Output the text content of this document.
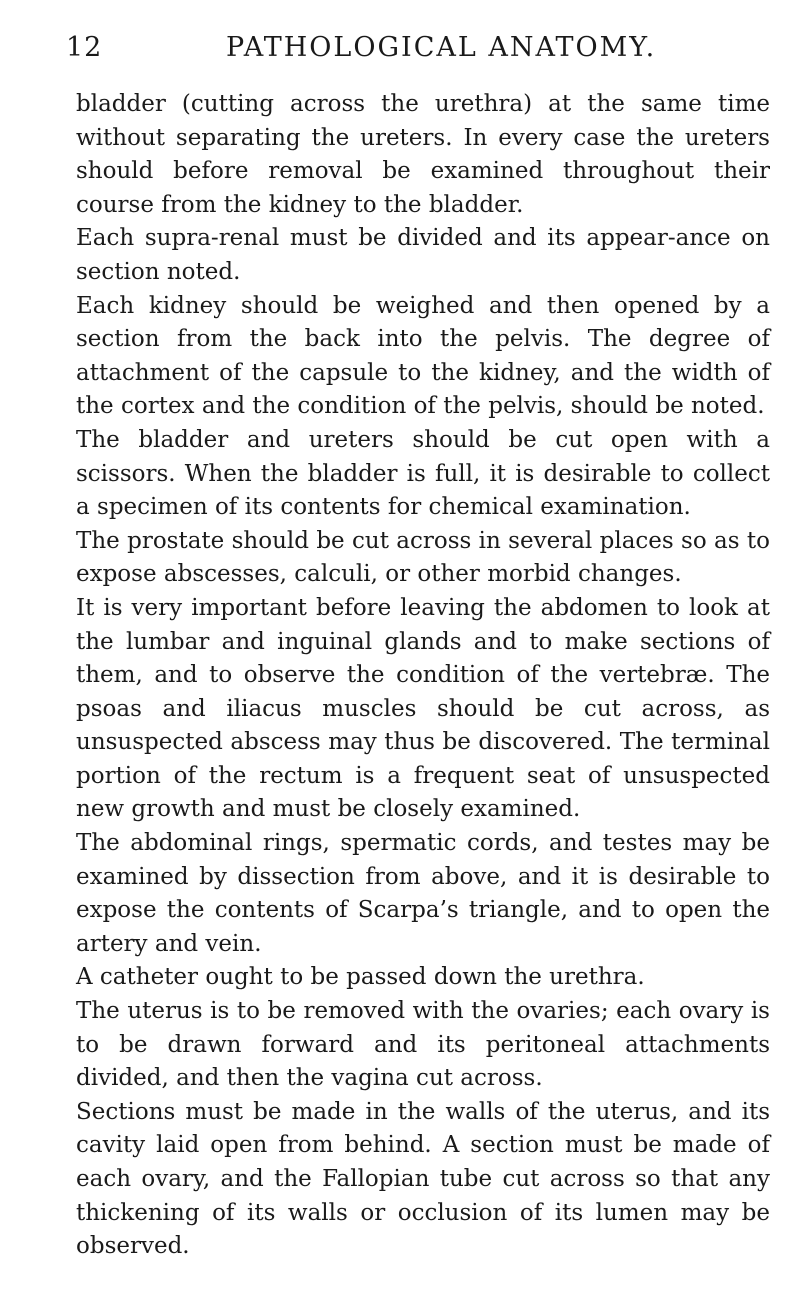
12	PATHOLOGICAL ANATOMY.

bladder (cutting across the urethra) at the same time without separating the ureters. In every case the ureters should before removal be examined throughout their course from the kidney to the bladder.

Each supra-renal must be divided and its appear-ance on section noted.

Each kidney should be weighed and then opened by a section from the back into the pelvis. The degree of attachment of the capsule to the kidney, and the width of the cortex and the condition of the pelvis, should be noted.

The bladder and ureters should be cut open with a scissors. When the bladder is full, it is desirable to collect a specimen of its contents for chemical examination.

The prostate should be cut across in several places so as to expose abscesses, calculi, or other morbid changes.

It is very important before leaving the abdomen to look at the lumbar and inguinal glands and to make sections of them, and to observe the condition of the vertebræ. The psoas and iliacus muscles should be cut across, as unsuspected abscess may thus be discovered. The terminal portion of the rectum is a frequent seat of unsuspected new growth and must be closely examined.

The abdominal rings, spermatic cords, and testes may be examined by dissection from above, and it is desirable to expose the contents of Scarpa’s triangle, and to open the artery and vein.

A catheter ought to be passed down the urethra.

The uterus is to be removed with the ovaries; each ovary is to be drawn forward and its peritoneal attachments divided, and then the vagina cut across.

Sections must be made in the walls of the uterus, and its cavity laid open from behind. A section must be made of each ovary, and the Fallopian tube cut across so that any thickening of its walls or occlusion of its lumen may be observed.
